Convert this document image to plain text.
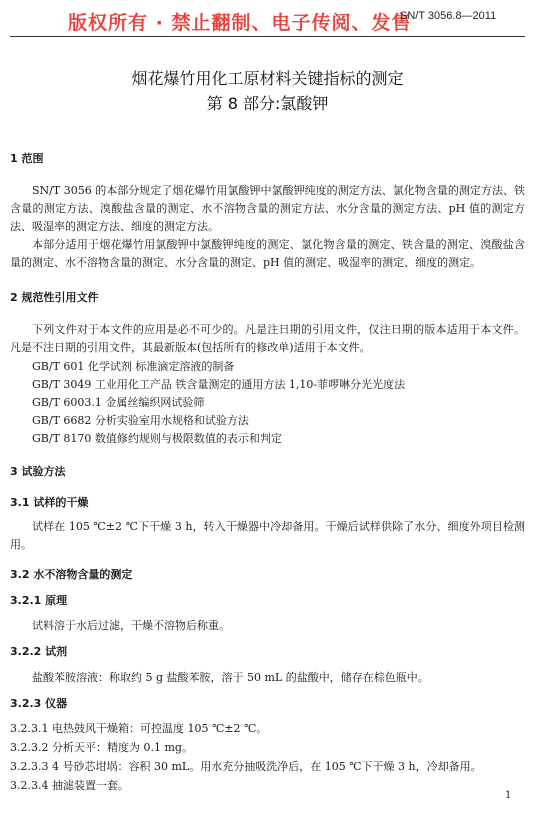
版权所有 · 禁止翻制、电子传阅、发售
SN/T 3056.8—2011
烟花爆竹用化工原材料关键指标的测定
第 8 部分:氯酸钾
1 范围
SN/T 3056 的本部分规定了烟花爆竹用氯酸钾中氯酸钾纯度的测定方法、氯化物含量的测定方法、铁含量的测定方法、溴酸盐含量的测定、水不溶物含量的测定方法、水分含量的测定方法、pH 值的测定方法、吸湿率的测定方法、细度的测定方法。
本部分适用于烟花爆竹用氯酸钾中氯酸钾纯度的测定、氯化物含量的测定、铁含量的测定、溴酸盐含量的测定、水不溶物含量的测定、水分含量的测定、pH 值的测定、吸湿率的测定、细度的测定。
2 规范性引用文件
下列文件对于本文件的应用是必不可少的。凡是注日期的引用文件，仅注日期的版本适用于本文件。凡是不注日期的引用文件，其最新版本(包括所有的修改单)适用于本文件。
GB/T 601 化学试剂 标准滴定溶液的制备
GB/T 3049 工业用化工产品 铁含量测定的通用方法 1,10-菲啰啉分光光度法
GB/T 6003.1 金属丝编织网试验筛
GB/T 6682 分析实验室用水规格和试验方法
GB/T 8170 数值修约规则与极限数值的表示和判定
3 试验方法
3.1 试样的干燥
试样在 105 ℃±2 ℃下干燥 3 h，转入干燥器中冷却备用。干燥后试样供除了水分、细度外项目检测用。
3.2 水不溶物含量的测定
3.2.1 原理
试料溶于水后过滤，干燥不溶物后称重。
3.2.2 试剂
盐酸苯胺溶液：称取约 5 g 盐酸苯胺，溶于 50 mL 的盐酸中，储存在棕色瓶中。
3.2.3 仪器
3.2.3.1 电热鼓风干燥箱：可控温度 105 ℃±2 ℃。
3.2.3.2 分析天平：精度为 0.1 mg。
3.2.3.3 4 号砂芯坩埚：容积 30 mL。用水充分抽吸洗净后，在 105 ℃下干燥 3 h，冷却备用。
3.2.3.4 抽滤装置一套。
1
